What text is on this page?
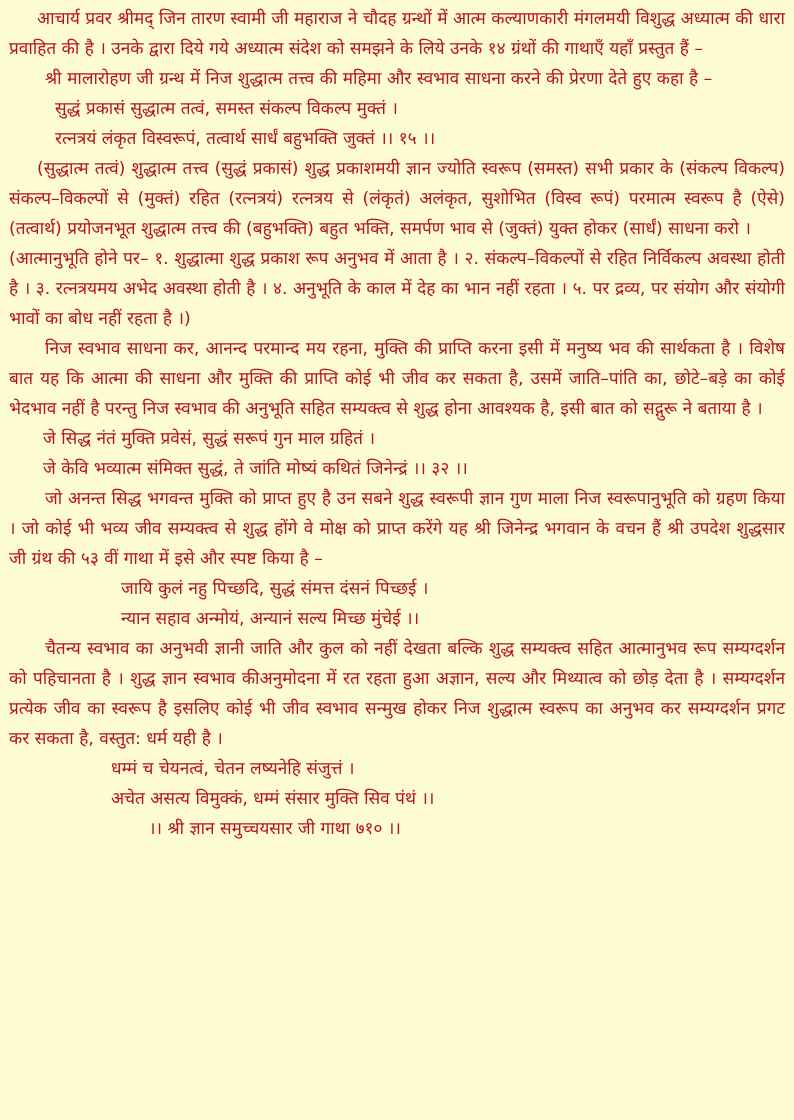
आचार्य प्रवर श्रीमद् जिन तारण स्वामी जी महाराज ने चौदह ग्रन्थों में आत्म कल्याणकारी मंगलमयी विशुद्ध अध्यात्म की धारा प्रवाहित की है । उनके द्वारा दिये गये अध्यात्म संदेश को समझने के लिये उनके १४ ग्रंथों की गाथाएँ यहाँ प्रस्तुत हैं –

श्री मालारोहण जी ग्रन्थ में निज शुद्धात्म तत्त्व की महिमा और स्वभाव साधना करने की प्रेरणा देते हुए कहा है –

सुद्धं प्रकासं सुद्धात्म तत्वं, समस्त संकल्प विकल्प मुक्तं ।
रत्नत्रयं लंकृत विस्वरूपं, तत्वार्थ सार्धं बहुभक्ति जुक्तं ।। १५ ।।

(सुद्धात्म तत्वं) शुद्धात्म तत्त्व (सुद्धं प्रकासं) शुद्ध प्रकाशमयी ज्ञान ज्योति स्वरूप (समस्त) सभी प्रकार के (संकल्प विकल्प) संकल्प–विकल्पों से (मुक्तं) रहित (रत्नत्रयं) रत्नत्रय से (लंकृतं) अलंकृत, सुशोभित (विस्व रूपं) परमात्म स्वरूप है (ऐसे) (तत्वार्थ) प्रयोजनभूत शुद्धात्म तत्त्व की (बहुभक्ति) बहुत भक्ति, समर्पण भाव से (जुक्तं) युक्त होकर (सार्धं) साधना करो ।

(आत्मानुभूति होने पर– १. शुद्धात्मा शुद्ध प्रकाश रूप अनुभव में आता है । २. संकल्प–विकल्पों से रहित निर्विकल्प अवस्था होती है । ३. रत्नत्रयमय अभेद अवस्था होती है । ४. अनुभूति के काल में देह का भान नहीं रहता । ५. पर द्रव्य, पर संयोग और संयोगी भावों का बोध नहीं रहता है ।)

निज स्वभाव साधना कर, आनन्द परमान्द मय रहना, मुक्ति की प्राप्ति करना इसी में मनुष्य भव की सार्थकता है । विशेष बात यह कि आत्मा की साधना और मुक्ति की प्राप्ति कोई भी जीव कर सकता है, उसमें जाति–पांति का, छोटे–बड़े का कोई भेदभाव नहीं है परन्तु निज स्वभाव की अनुभूति सहित सम्यक्त्व से शुद्ध होना आवश्यक है, इसी बात को सद्गुरू ने बताया है ।

जे सिद्ध नंतं मुक्ति प्रवेसं, सुद्धं सरूपं गुन माल ग्रहितं ।
जे केवि भव्यात्म संमिक्त सुद्धं, ते जांति मोष्यं कथितं जिनेन्द्रं ।। ३२ ।।

जो अनन्त सिद्ध भगवन्त मुक्ति को प्राप्त हुए है उन सबने शुद्ध स्वरूपी ज्ञान गुण माला निज स्वरूपानुभूति को ग्रहण किया । जो कोई भी भव्य जीव सम्यक्त्व से शुद्ध होंगे वे मोक्ष को प्राप्त करेंगे यह श्री जिनेन्द्र भगवान के वचन हैं श्री उपदेश शुद्धसार जी ग्रंथ की ५३ वीं गाथा में इसे और स्पष्ट किया है –

जायि कुलं नहु पिच्छदि, सुद्धं संमत्त दंसनं पिच्छई ।
न्यान सहाव अन्मोयं, अन्यानं सल्य मिच्छ मुंचेई ।।

चैतन्य स्वभाव का अनुभवी ज्ञानी जाति और कुल को नहीं देखता बल्कि शुद्ध सम्यक्त्व सहित आत्मानुभव रूप सम्यग्दर्शन को पहिचानता है । शुद्ध ज्ञान स्वभाव कीअनुमोदना में रत रहता हुआ अज्ञान, सल्य और मिथ्यात्व को छोड़ देता है । सम्यग्दर्शन प्रत्येक जीव का स्वरूप है इसलिए कोई भी जीव स्वभाव सन्मुख होकर निज शुद्धात्म स्वरूप का अनुभव कर सम्यग्दर्शन प्रगट कर सकता है, वस्तुत: धर्म यही है ।

धम्मं च चेयनत्वं, चेतन लष्यनेहि संजुत्तं ।
अचेत असत्य विमुक्कं, धम्मं संसार मुक्ति सिव पंथं ।।
।। श्री ज्ञान समुच्चयसार जी गाथा ७१० ।।
